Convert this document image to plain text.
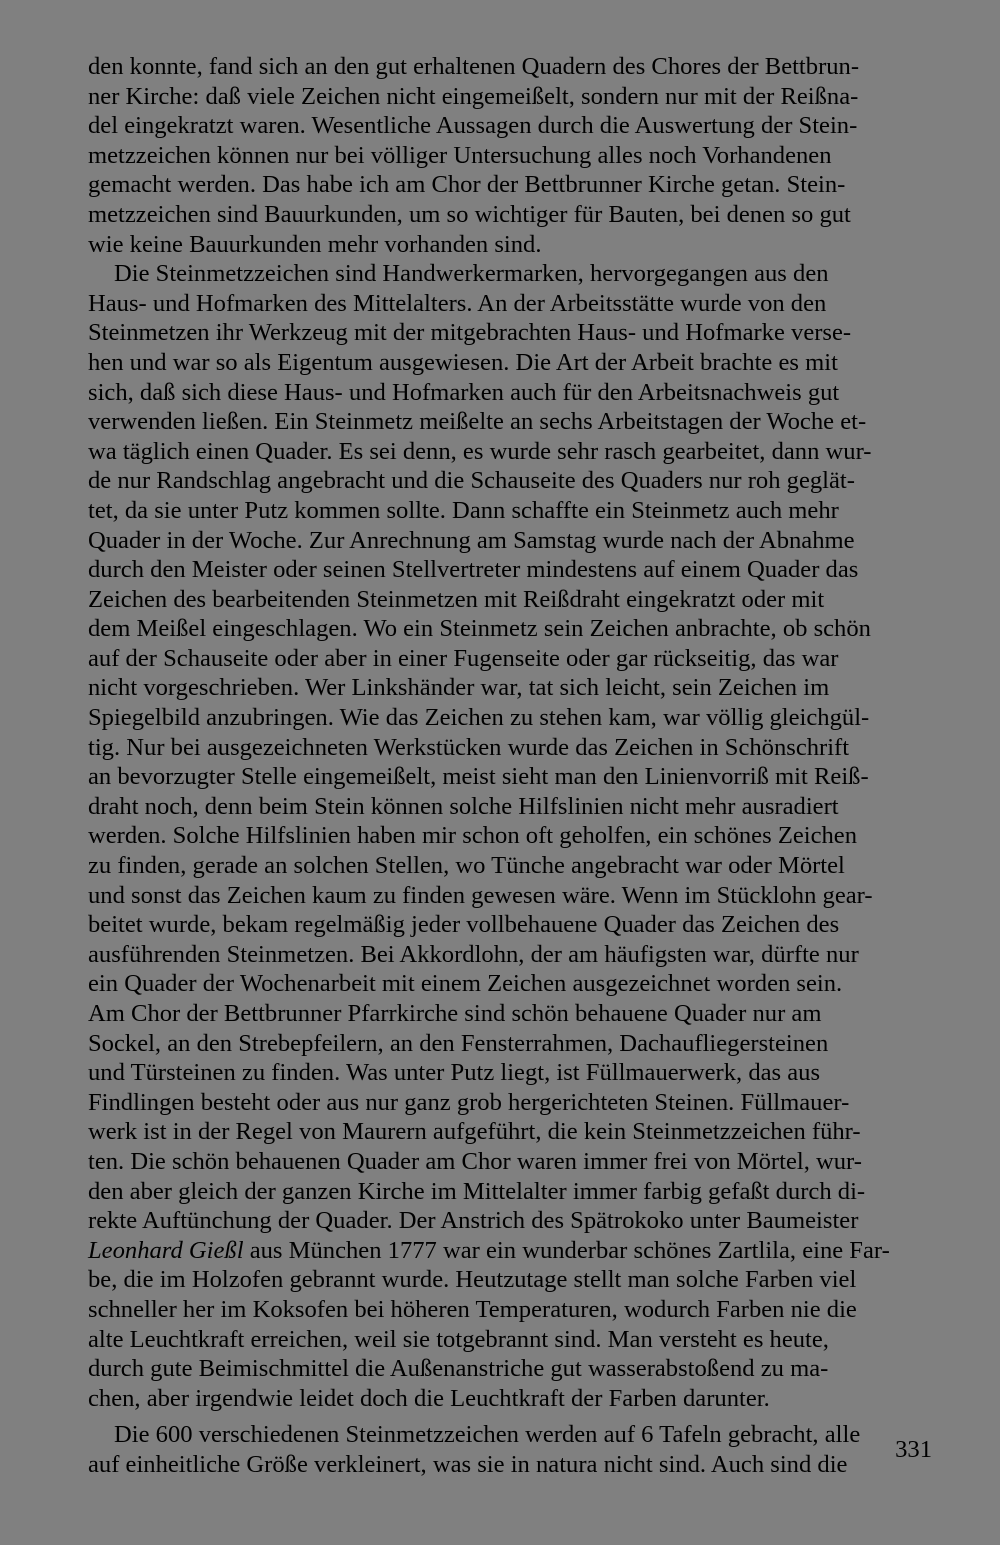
den konnte, fand sich an den gut erhaltenen Quadern des Chores der Bettbrun-
ner Kirche: daß viele Zeichen nicht eingemeißelt, sondern nur mit der Reißna-
del eingekratzt waren. Wesentliche Aussagen durch die Auswertung der Stein-
metzzeichen können nur bei völliger Untersuchung alles noch Vorhandenen
gemacht werden. Das habe ich am Chor der Bettbrunner Kirche getan. Stein-
metzzeichen sind Bauurkunden, um so wichtiger für Bauten, bei denen so gut
wie keine Bauurkunden mehr vorhanden sind.

Die Steinmetzzeichen sind Handwerkermarken, hervorgegangen aus den
Haus- und Hofmarken des Mittelalters. An der Arbeitsstätte wurde von den
Steinmetzen ihr Werkzeug mit der mitgebrachten Haus- und Hofmarke verse-
hen und war so als Eigentum ausgewiesen. Die Art der Arbeit brachte es mit
sich, daß sich diese Haus- und Hofmarken auch für den Arbeitsnachweis gut
verwenden ließen. Ein Steinmetz meißelte an sechs Arbeitstagen der Woche et-
wa täglich einen Quader. Es sei denn, es wurde sehr rasch gearbeitet, dann wur-
de nur Randschlag angebracht und die Schauseite des Quaders nur roh geglät-
tet, da sie unter Putz kommen sollte. Dann schaffte ein Steinmetz auch mehr
Quader in der Woche. Zur Anrechnung am Samstag wurde nach der Abnahme
durch den Meister oder seinen Stellvertreter mindestens auf einem Quader das
Zeichen des bearbeitenden Steinmetzen mit Reißdraht eingekratzt oder mit
dem Meißel eingeschlagen. Wo ein Steinmetz sein Zeichen anbrachte, ob schön
auf der Schauseite oder aber in einer Fugenseite oder gar rückseitig, das war
nicht vorgeschrieben. Wer Linkshänder war, tat sich leicht, sein Zeichen im
Spiegelbild anzubringen. Wie das Zeichen zu stehen kam, war völlig gleichgül-
tig. Nur bei ausgezeichneten Werkstücken wurde das Zeichen in Schönschrift
an bevorzugter Stelle eingemeißelt, meist sieht man den Linienvorriß mit Reiß-
draht noch, denn beim Stein können solche Hilfslinien nicht mehr ausradiert
werden. Solche Hilfslinien haben mir schon oft geholfen, ein schönes Zeichen
zu finden, gerade an solchen Stellen, wo Tünche angebracht war oder Mörtel
und sonst das Zeichen kaum zu finden gewesen wäre. Wenn im Stücklohn gear-
beitet wurde, bekam regelmäßig jeder vollbehauene Quader das Zeichen des
ausführenden Steinmetzen. Bei Akkordlohn, der am häufigsten war, dürfte nur
ein Quader der Wochenarbeit mit einem Zeichen ausgezeichnet worden sein.
Am Chor der Bettbrunner Pfarrkirche sind schön behauene Quader nur am
Sockel, an den Strebepfeilern, an den Fensterrahmen, Dachaufliegersteinen
und Türsteinen zu finden. Was unter Putz liegt, ist Füllmauerwerk, das aus
Findlingen besteht oder aus nur ganz grob hergerichteten Steinen. Füllmauer-
werk ist in der Regel von Maurern aufgeführt, die kein Steinmetzzeichen führ-
ten. Die schön behauenen Quader am Chor waren immer frei von Mörtel, wur-
den aber gleich der ganzen Kirche im Mittelalter immer farbig gefaßt durch di-
rekte Auftünchung der Quader. Der Anstrich des Spätrokoko unter Baumeister
Leonhard Gießl aus München 1777 war ein wunderbar schönes Zartlila, eine Far-
be, die im Holzofen gebrannt wurde. Heutzutage stellt man solche Farben viel
schneller her im Koksofen bei höheren Temperaturen, wodurch Farben nie die
alte Leuchtkraft erreichen, weil sie totgebrannt sind. Man versteht es heute,
durch gute Beimischmittel die Außenanstriche gut wasserabstoßend zu ma-
chen, aber irgendwie leidet doch die Leuchtkraft der Farben darunter.

Die 600 verschiedenen Steinmetzzeichen werden auf 6 Tafeln gebracht, alle
auf einheitliche Größe verkleinert, was sie in natura nicht sind. Auch sind die

331
